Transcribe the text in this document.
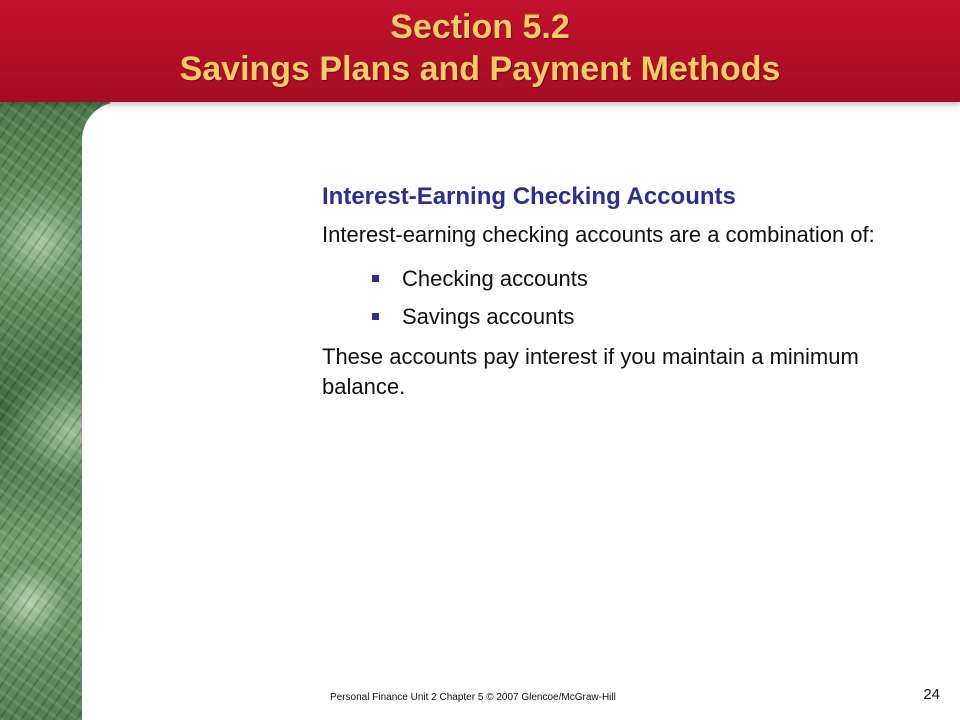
Section 5.2
Savings Plans and Payment Methods
Interest-Earning Checking Accounts
Interest-earning checking accounts are a combination of:
Checking accounts
Savings accounts
These accounts pay interest if you maintain a minimum balance.
Personal Finance Unit 2 Chapter 5 © 2007 Glencoe/McGraw-Hill	24
